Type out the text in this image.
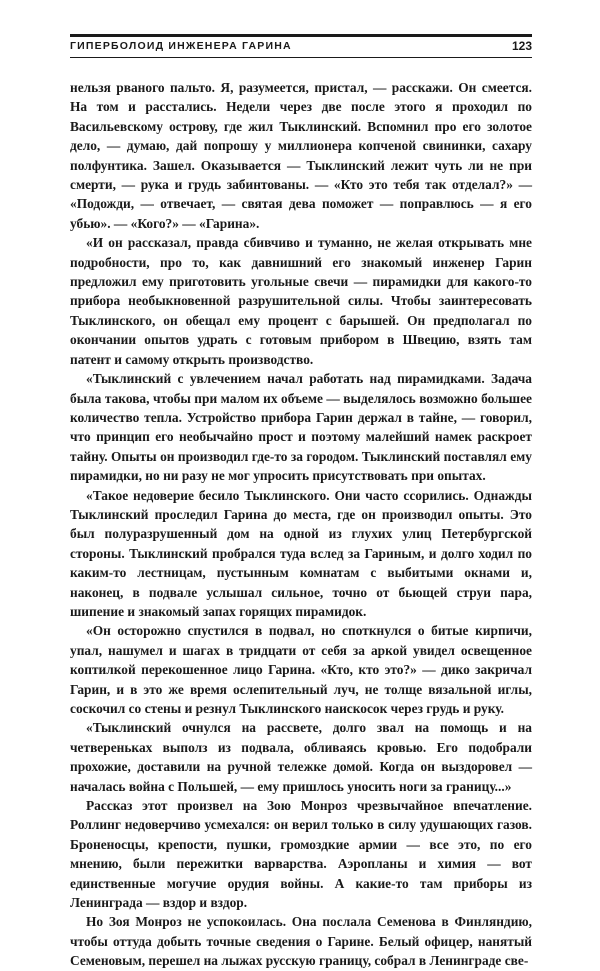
ГИПЕРБОЛОИД ИНЖЕНЕРА ГАРИНА	123

нельзя рваного пальто. Я, разумеется, пристал, — расскажи. Он смеется. На том и расстались. Недели через две после этого я проходил по Васильевскому острову, где жил Тыклинский. Вспомнил про его золотое дело, — думаю, дай попрошу у миллионера копченой свининки, сахару полфунтика. Зашел. Оказывается — Тыклинский лежит чуть ли не при смерти, — рука и грудь забинтованы. — «Кто это тебя так отделал?» — «Подожди, — отвечает, — святая дева поможет — поправлюсь — я его убью». — «Кого?» — «Гарина».

«И он рассказал, правда сбивчиво и туманно, не желая открывать мне подробности, про то, как давнишний его знакомый инженер Гарин предложил ему приготовить угольные свечи — пирамидки для какого-то прибора необыкновенной разрушительной силы. Чтобы заинтересовать Тыклинского, он обещал ему процент с барышей. Он предполагал по окончании опытов удрать с готовым прибором в Швецию, взять там патент и самому открыть производство.

«Тыклинский с увлечением начал работать над пирамидками. Задача была такова, чтобы при малом их объеме — выделялось возможно большее количество тепла. Устройство прибора Гарин держал в тайне, — говорил, что принцип его необычайно прост и поэтому малейший намек раскроет тайну. Опыты он производил где-то за городом. Тыклинский поставлял ему пирамидки, но ни разу не мог упросить присутствовать при опытах.

«Такое недоверие бесило Тыклинского. Они часто ссорились. Однажды Тыклинский проследил Гарина до места, где он производил опыты. Это был полуразрушенный дом на одной из глухих улиц Петербургской стороны. Тыклинский пробрался туда вслед за Гариным, и долго ходил по каким-то лестницам, пустынным комнатам с выбитыми окнами и, наконец, в подвале услышал сильное, точно от бьющей струи пара, шипение и знакомый запах горящих пирамидок.

«Он осторожно спустился в подвал, но споткнулся о битые кирпичи, упал, нашумел и шагах в тридцати от себя за аркой увидел освещенное коптилкой перекошенное лицо Гарина. «Кто, кто это?» — дико закричал Гарин, и в это же время ослепительный луч, не толще вязальной иглы, соскочил со стены и резнул Тыклинского наискосок через грудь и руку.

«Тыклинский очнулся на рассвете, долго звал на помощь и на четвереньках выполз из подвала, обливаясь кровью. Его подобрали прохожие, доставили на ручной тележке домой. Когда он выздоровел — началась война с Польшей, — ему пришлось уносить ноги за границу...»

Рассказ этот произвел на Зою Монроз чрезвычайное впечатление. Роллинг недоверчиво усмехался: он верил только в силу удушающих газов. Броненосцы, крепости, пушки, громоздкие армии — все это, по его мнению, были пережитки варварства. Аэропланы и химия — вот единственные могучие орудия войны. А какие-то там приборы из Ленинграда — вздор и вздор.

Но Зоя Монроз не успокоилась. Она послала Семенова в Финляндию, чтобы оттуда добыть точные сведения о Гарине. Белый офицер, нанятый Семеновым, перешел на лыжах русскую границу, собрал в Ленинграде све-
